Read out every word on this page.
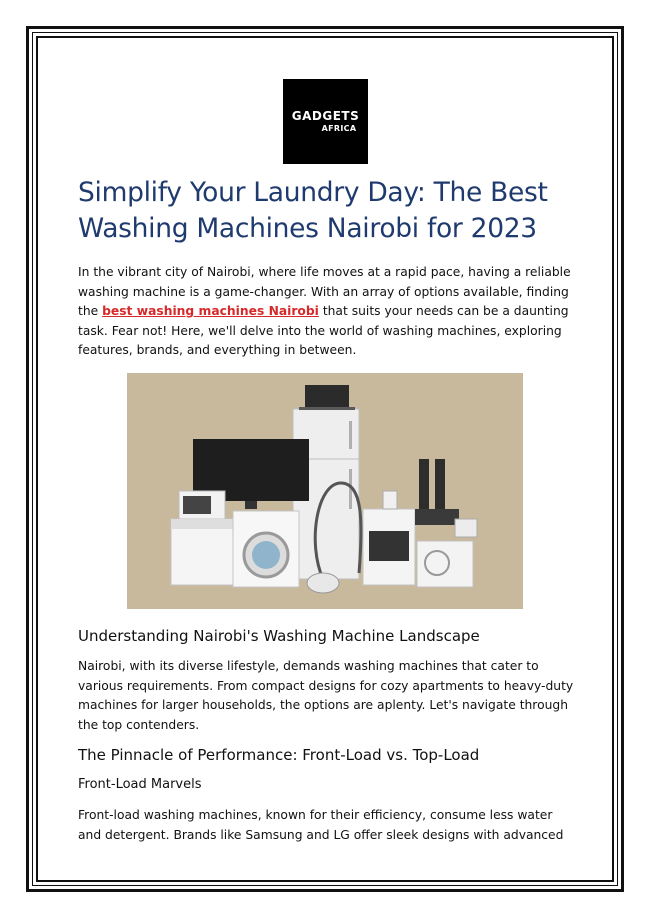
GADGETS
AFRICA
Simplify Your Laundry Day: The Best Washing Machines Nairobi for 2023

In the vibrant city of Nairobi, where life moves at a rapid pace, having a reliable washing machine is a game-changer. With an array of options available, finding the best washing machines Nairobi that suits your needs can be a daunting task. Fear not! Here, we'll delve into the world of washing machines, exploring features, brands, and everything in between.

Understanding Nairobi's Washing Machine Landscape

Nairobi, with its diverse lifestyle, demands washing machines that cater to various requirements. From compact designs for cozy apartments to heavy-duty machines for larger households, the options are aplenty. Let's navigate through the top contenders.

The Pinnacle of Performance: Front-Load vs. Top-Load
Front-Load Marvels

Front-load washing machines, known for their efficiency, consume less water and detergent. Brands like Samsung and LG offer sleek designs with advanced
